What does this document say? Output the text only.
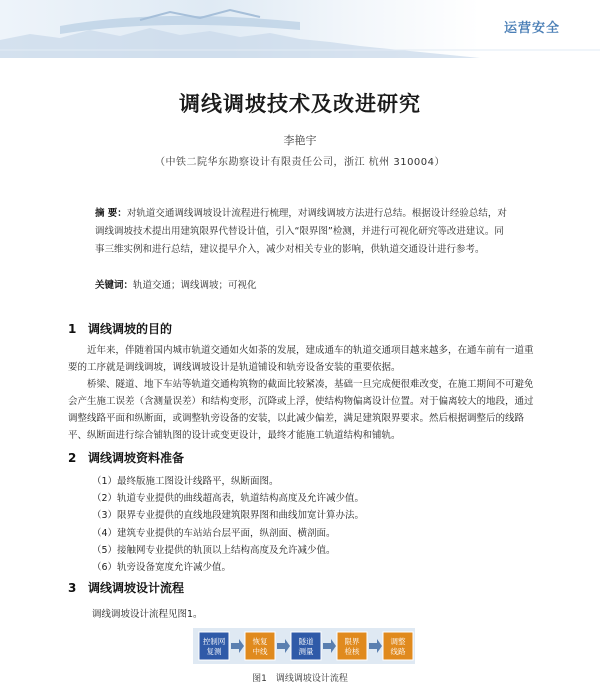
运营安全
调线调坡技术及改进研究
李艳宇
（中铁二院华东勘察设计有限责任公司，浙江 杭州 310004）

摘 要：对轨道交通调线调坡设计流程进行梳理，对调线调坡方法进行总结。根据设计经验总结，对调线调坡技术提出用建筑限界代替设计值，引入“限界图”检测，并进行可视化研究等改进建议。同事三维实例和进行总结，建议提早介入，减少对相关专业的影响，供轨道交通设计进行参考。

关键词：轨道交通；调线调坡；可视化
1 调线调坡的目的

近年来，伴随着国内城市轨道交通如火如荼的发展，建成通车的轨道交通项目越来越多，在通车前有一道重要的工序就是调线调坡，调线调坡设计是轨道铺设和轨旁设备安装的重要依据。

桥梁、隧道、地下车站等轨道交通构筑物的截面比较紧凑，基础一旦完成便很难改变，在施工期间不可避免会产生施工误差（含测量误差）和结构变形，沉降或上浮，使结构物偏离设计位置。对于偏离较大的地段，通过调整线路平面和纵断面，或调整轨旁设备的安装，以此减少偏差，满足建筑限界要求。然后根据调整后的线路平、纵断面进行综合铺轨图的设计或变更设计，最终才能施工轨道结构和铺轨。

2 调线调坡资料准备
（1）最终版施工图设计线路平，纵断面图。
（2）轨道专业提供的曲线超高表，轨道结构高度及允许减少值。
（3）限界专业提供的直线地段建筑限界图和曲线加宽计算办法。
（4）建筑专业提供的车站站台层平面，纵剖面、横剖面。
（5）接触网专业提供的轨顶以上结构高度及允许减少值。
（6）轨旁设备宽度允许减少值。
3 调线调坡设计流程
调线调坡设计流程见图1。
控制网
复测
恢复
中线
隧道
测量
限界
检核
调整
线路
图1　调线调坡设计流程
